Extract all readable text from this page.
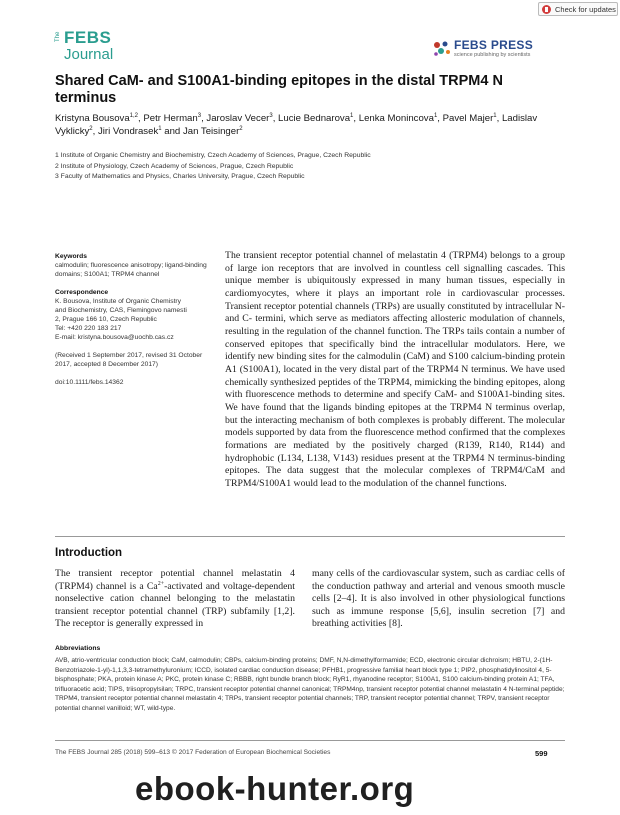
Check for updates
The FEBS
Journal
FEBS PRESS
science publishing by scientists
Shared CaM- and S100A1-binding epitopes in the distal TRPM4 N terminus
Kristyna Bousova$^{1,2}$, Petr Herman$^3$, Jaroslav Vecer$^3$, Lucie Bednarova$^1$, Lenka Monincova$^1$, Pavel Majer$^1$, Ladislav Vyklicky$^2$, Jiri Vondrasek$^1$ and Jan Teisinger$^2$
1 Institute of Organic Chemistry and Biochemistry, Czech Academy of Sciences, Prague, Czech Republic
2 Institute of Physiology, Czech Academy of Sciences, Prague, Czech Republic
3 Faculty of Mathematics and Physics, Charles University, Prague, Czech Republic
Keywords
calmodulin; fluorescence anisotropy; ligand-binding domains; S100A1; TRPM4 channel
Correspondence
K. Bousova, Institute of Organic Chemistry
and Biochemistry, CAS, Flemingovo namesti
2, Prague 166 10, Czech Republic
Tel: +420 220 183 217
E-mail: kristyna.bousova@uochb.cas.cz
(Received 1 September 2017, revised 31 October 2017, accepted 8 December 2017)
doi:10.1111/febs.14362
The transient receptor potential channel of melastatin 4 (TRPM4) belongs to a group of large ion receptors that are involved in countless cell signalling cascades. This unique member is ubiquitously expressed in many human tissues, especially in cardiomyocytes, where it plays an important role in cardiovascular processes. Transient receptor potential channels (TRPs) are usually constituted by intracellular N- and C- termini, which serve as mediators affecting allosteric modulation of channels, resulting in the regulation of the channel function. The TRPs tails contain a number of conserved epitopes that specifically bind the intracellular modulators. Here, we identify new binding sites for the calmodulin (CaM) and S100 calcium-binding protein A1 (S100A1), located in the very distal part of the TRPM4 N terminus. We have used chemically synthesized peptides of the TRPM4, mimicking the binding epitopes, along with fluorescence methods to determine and specify CaM- and S100A1-binding sites. We have found that the ligands binding epitopes at the TRPM4 N terminus overlap, but the interacting mechanism of both complexes is probably different. The molecular models supported by data from the fluorescence method confirmed that the complexes formations are mediated by the positively charged (R139, R140, R144) and hydrophobic (L134, L138, V143) residues present at the TRPM4 N terminus-binding epitopes. The data suggest that the molecular complexes of TRPM4/CaM and TRPM4/S100A1 would lead to the modulation of the channel functions.
Introduction
The transient receptor potential channel melastatin 4 (TRPM4) channel is a $Ca^{2+}$-activated and voltage-dependent nonselective cation channel belonging to the melastatin transient receptor potential channel (TRP) subfamily [1,2]. The receptor is generally expressed in
many cells of the cardiovascular system, such as cardiac cells of the conduction pathway and arterial and venous smooth muscle cells [2–4]. It is also involved in other physiological functions such as immune response [5,6], insulin secretion [7] and breathing activities [8].
Abbreviations
AVB, atrio-ventricular conduction block; CaM, calmodulin; CBPs, calcium-binding proteins; DMF, N,N-dimethylformamide; ECD, electronic circular dichroism; HBTU, 2-(1H-Benzotriazole-1-yl)-1,1,3,3-tetramethyluronium; ICCD, isolated cardiac conduction disease; PFHB1, progressive familial heart block type 1; PIP2, phosphatidylinositol 4, 5- bisphosphate; PKA, protein kinase A; PKC, protein kinase C; RBBB, right bundle branch block; RyR1, rhyanodine receptor; S100A1, S100 calcium-binding protein A1; TFA, trifluoracetic acid; TIPS, triisopropylsilan; TRPC, transient receptor potential channel canonical; TRPM4np, transient receptor potential channel melastatin 4 N-terminal peptide; TRPM4, transient receptor potential channel melastatin 4; TRPs, transient receptor potential channels; TRP, transient receptor potential channel; TRPV, transient receptor potential channel vanilloid; WT, wild-type.
The FEBS Journal 285 (2018) 599–613 © 2017 Federation of European Biochemical Societies	599
ebook-hunter.org
